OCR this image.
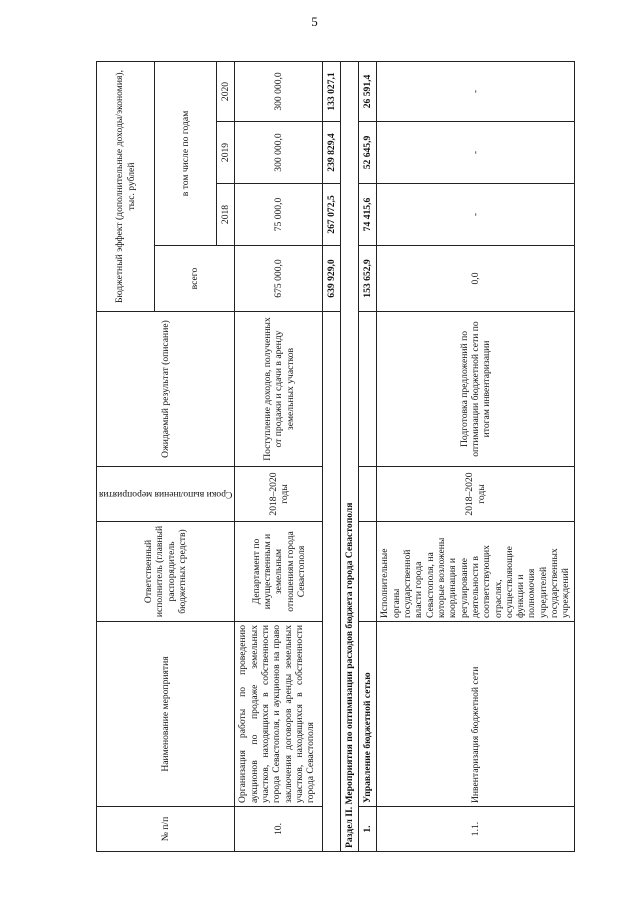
5
№ п/п	Наименование мероприятия	Ответственный исполнитель (главный распорядитель бюджетных средств)	Сроки выполнения мероприятия	Ожидаемый результат (описание)	Бюджетный эффект (дополнительные доходы/экономия), тыс. рублей			
					всего	в том числе по годам		
						2018	2019	2020
10.	Организация работы по проведению аукционов по продаже земельных участков, находящихся в собственности города Севастополя, и аукционов на право заключения договоров аренды земельных участков, находящихся в собственности города Севастополя	Департамент по имущественным и земельным отношениям города Севастополя	2018–2020 годы	Поступление доходов, полученных от продажи и сдачи в аренду земельных участков	675 000,0	75 000,0	300 000,0	300 000,0
					639 929,0	267 072,5	239 829,4	133 027,1
Раздел II. Мероприятия по оптимизации расходов бюджета города Севастополя								
1.	Управление бюджетной сетью				153 652,9	74 415,6	52 645,9	26 591,4
1.1.	Инвентаризация бюджетной сети	Исполнительные органы государственной власти города Севастополя, на которые возложены координация и регулирование деятельности в соответствующих отраслях, осуществляющие функции и полномочия учредителей государственных учреждений	2018–2020 годы	Подготовка предложений по оптимизации бюджетной сети по итогам инвентаризации	0,0	-	-	-
